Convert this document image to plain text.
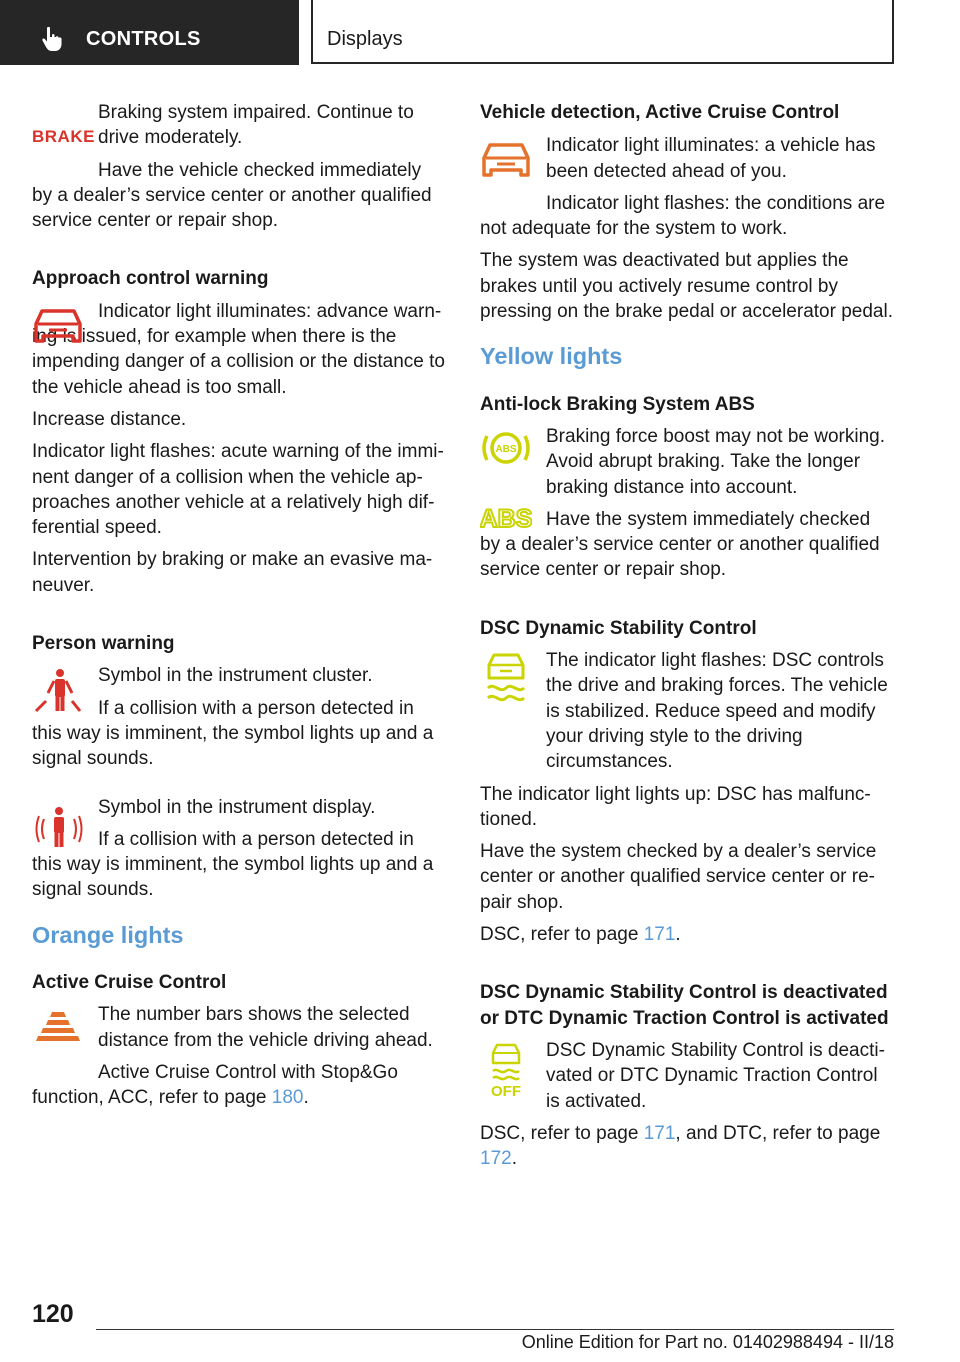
CONTROLS	Displays
BRAKE

Braking system impaired. Continue to drive moderately.

Have the vehicle checked immediately by a dealer’s service center or another qualified service center or repair shop.

Approach control warning

Indicator light illuminates: advance warn-ing is issued, for example when there is the impending danger of a collision or the distance to the vehicle ahead is too small.

Increase distance.

Indicator light flashes: acute warning of the immi-nent danger of a collision when the vehicle ap-proaches another vehicle at a relatively high dif-ferential speed.

Intervention by braking or make an evasive ma-neuver.

Person warning

Symbol in the instrument cluster.

If a collision with a person detected in this way is imminent, the symbol lights up and a signal sounds.

Symbol in the instrument display.

If a collision with a person detected in this way is imminent, the symbol lights up and a signal sounds.

Orange lights

Active Cruise Control

The number bars shows the selected distance from the vehicle driving ahead.

Active Cruise Control with Stop&Go function, ACC, refer to page 180.

Vehicle detection, Active Cruise Control

Indicator light illuminates: a vehicle has been detected ahead of you.

Indicator light flashes: the conditions are not adequate for the system to work.

The system was deactivated but applies the brakes until you actively resume control by pressing on the brake pedal or accelerator pedal.

Yellow lights

Anti-lock Braking System ABS

ABS
ABS

Braking force boost may not be working. Avoid abrupt braking. Take the longer braking distance into account.

Have the system immediately checked by a dealer’s service center or another qualified service center or repair shop.

DSC Dynamic Stability Control

The indicator light flashes: DSC controls the drive and braking forces. The vehicle is stabilized. Reduce speed and modify your driving style to the driving circumstances.

The indicator light lights up: DSC has malfunc-tioned.

Have the system checked by a dealer’s service center or another qualified service center or re-pair shop.

DSC, refer to page 171.

DSC Dynamic Stability Control is deactivated or DTC Dynamic Traction Control is activated

OFF

DSC Dynamic Stability Control is deacti-vated or DTC Dynamic Traction Control is activated.

DSC, refer to page 171, and DTC, refer to page 172.

120
Online Edition for Part no. 01402988494 - II/18
